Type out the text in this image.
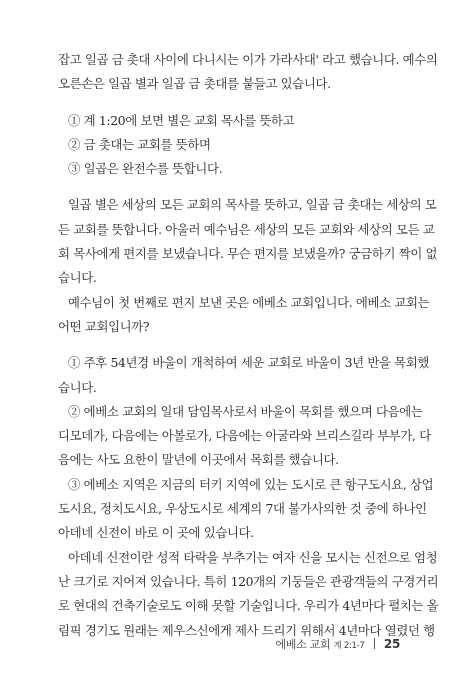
잡고 일곱 금 촛대 사이에 다니시는 이가 가라사대' 라고 했습니다. 예수의
오른손은 일곱 별과 일곱 금 촛대를 붙들고 있습니다.
① 계 1:20에 보면 별은 교회 목사를 뜻하고
② 금 촛대는 교회를 뜻하며
③ 일곱은 완전수를 뜻합니다.
일곱 별은 세상의 모든 교회의 목사를 뜻하고, 일곱 금 촛대는 세상의 모
든 교회를 뜻합니다. 아울러 예수님은 세상의 모든 교회와 세상의 모든 교
회 목사에게 편지를 보냈습니다. 무슨 편지를 보냈을까? 궁금하기 짝이 없
습니다.
예수님이 첫 번째로 편지 보낸 곳은 에베소 교회입니다. 에베소 교회는
어떤 교회입니까?
① 주후 54년경 바울이 개척하여 세운 교회로 바울이 3년 반을 목회했
습니다.
② 에베소 교회의 일대 담임목사로서 바울이 목회를 했으며 다음에는
디모데가, 다음에는 아볼로가, 다음에는 아굴라와 브리스길라 부부가, 다
음에는 사도 요한이 말년에 이곳에서 목회를 했습니다.
③ 에베소 지역은 지금의 터키 지역에 있는 도시로 큰 항구도시요, 상업
도시요, 정치도시요, 우상도시로 세계의 7대 불가사의한 것 중에 하나인
아데네 신전이 바로 이 곳에 있습니다.
아데네 신전이란 성적 타락을 부추기는 여자 신을 모시는 신전으로 엄청
난 크기로 지어져 있습니다. 특히 120개의 기둥들은 관광객들의 구경거리
로 현대의 건축기술로도 이해 못할 기술입니다. 우리가 4년마다 펼치는 올
림픽 경기도 원래는 제우스신에게 제사 드리기 위해서 4년마다 열렸던 행
에베소 교회 계 2:1-7 25
